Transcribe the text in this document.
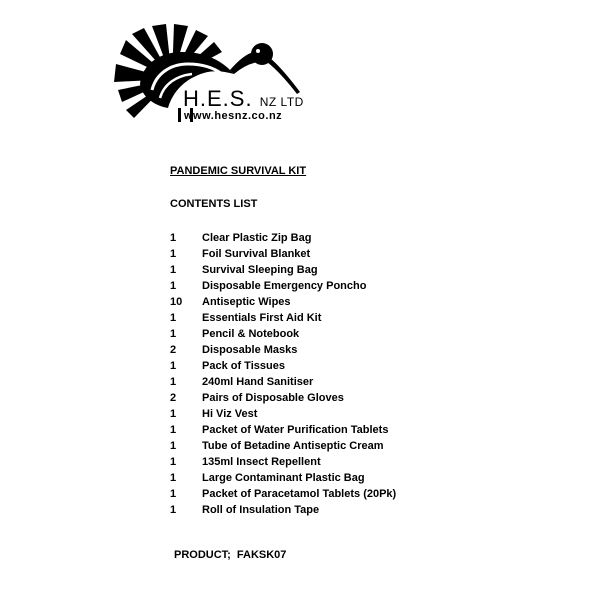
H.E.S. NZ LTD
www.hesnz.co.nz
PANDEMIC SURVIVAL KIT
CONTENTS LIST
1 Clear Plastic Zip Bag
1 Foil Survival Blanket
1 Survival Sleeping Bag
1 Disposable Emergency Poncho
10 Antiseptic Wipes
1 Essentials First Aid Kit
1 Pencil & Notebook
2 Disposable Masks
1 Pack of Tissues
1 240ml Hand Sanitiser
2 Pairs of Disposable Gloves
1 Hi Viz Vest
1 Packet of Water Purification Tablets
1 Tube of Betadine Antiseptic Cream
1 135ml Insect Repellent
1 Large Contaminant Plastic Bag
1 Packet of Paracetamol Tablets (20Pk)
1 Roll of Insulation Tape
PRODUCT; FAKSK07
